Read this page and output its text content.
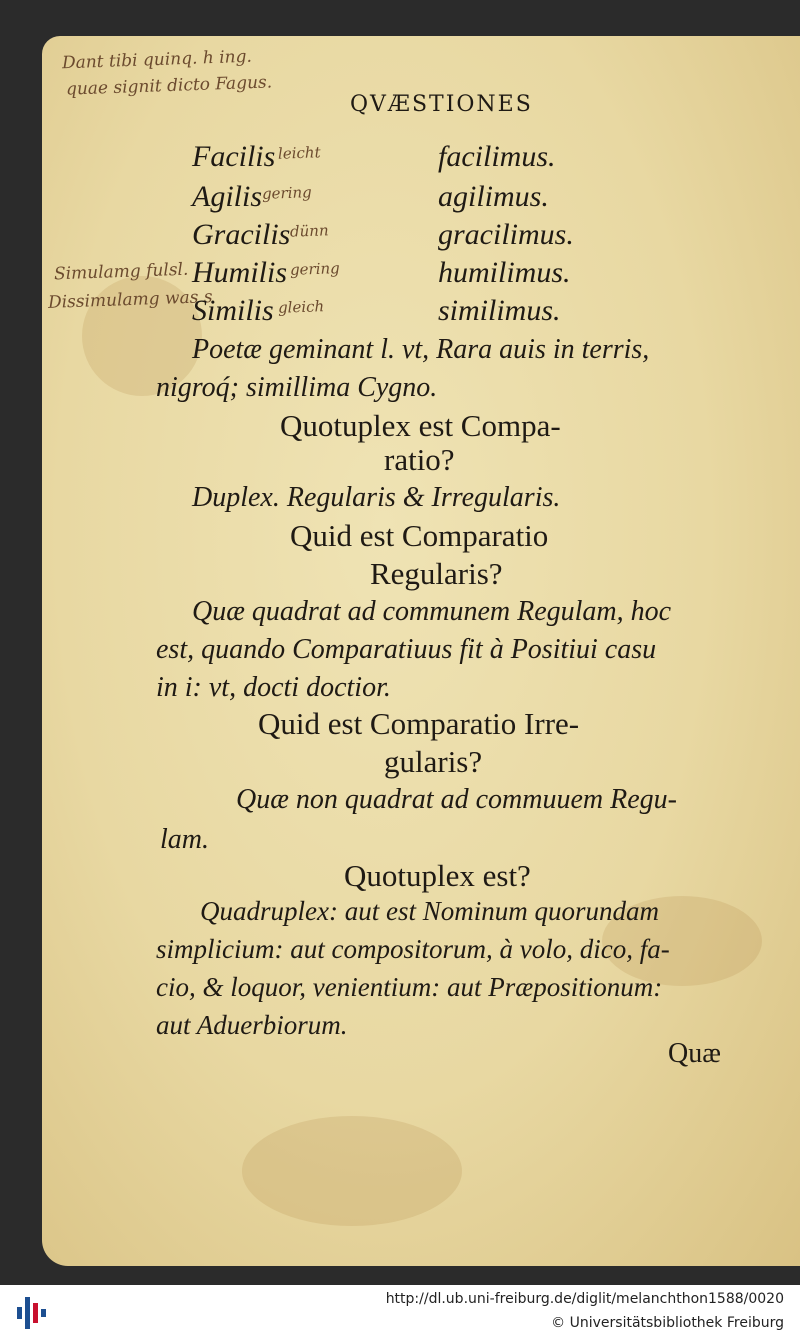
Dant tibi quinq. h ing.
quae signit dicto Fagus.
leicht
gering
dünn
gering
gleich
Simulamg fulsl.
Dissimulamg was s
QVÆSTIONES
Facilis	facilimus.
Agilis	agilimus.
Gracilis	gracilimus.
Humilis	humilimus.
Similis	similimus.
Poetæ geminant l. vt, Rara auis in terris,
nigroq́; simillima Cygno.
Quotuplex est Compa-
ratio?
Duplex. Regularis & Irregularis.
Quid est Comparatio
Regularis?
Quæ quadrat ad communem Regulam, hoc
est, quando Comparatiuus fit à Positiui casu
in i: vt, docti doctior.
Quid est Comparatio Irre-
gularis?
Quæ non quadrat ad commuuem Regu-
lam.
Quotuplex est?
Quadruplex: aut est Nominum quorundam
simplicium: aut compositorum, à volo, dico, fa-
cio, & loquor, venientium: aut Præpositionum:
aut Aduerbiorum.
Quæ
http://dl.ub.uni-freiburg.de/diglit/melanchthon1588/0020
© Universitätsbibliothek Freiburg
